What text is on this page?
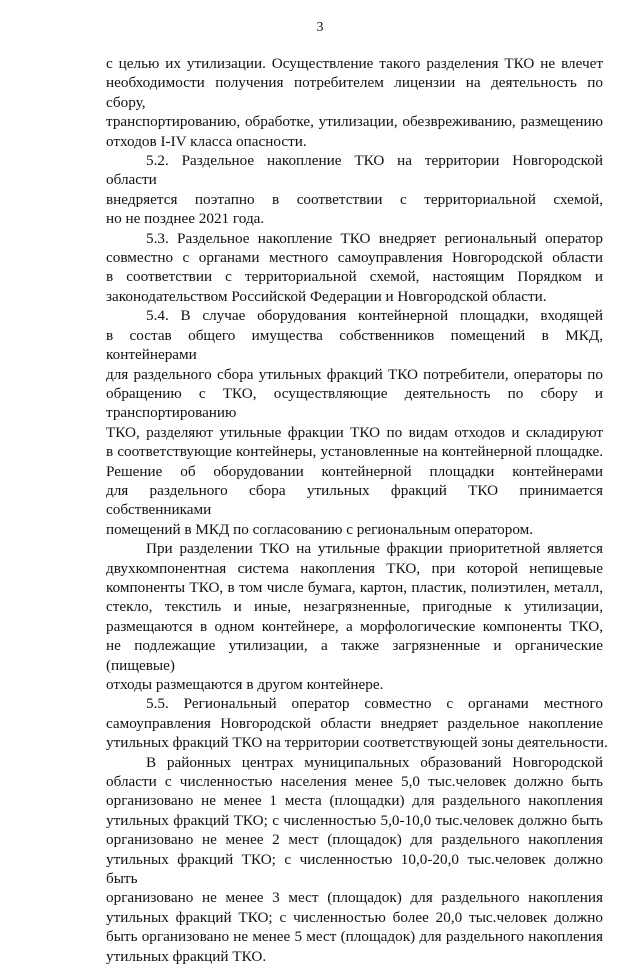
3
с целью их утилизации. Осуществление такого разделения ТКО не влечет
необходимости получения потребителем лицензии на деятельность по сбору,
транспортированию, обработке, утилизации, обезвреживанию, размещению
отходов I-IV класса опасности.
5.2. Раздельное накопление ТКО на территории Новгородской области
внедряется поэтапно в соответствии с территориальной схемой,
но не позднее 2021 года.
5.3. Раздельное накопление ТКО внедряет региональный оператор
совместно с органами местного самоуправления Новгородской области
в соответствии с территориальной схемой, настоящим Порядком и
законодательством Российской Федерации и Новгородской области.
5.4. В случае оборудования контейнерной площадки, входящей
в состав общего имущества собственников помещений в МКД, контейнерами
для раздельного сбора утильных фракций ТКО потребители, операторы по
обращению с ТКО, осуществляющие деятельность по сбору и транспортированию
ТКО, разделяют утильные фракции ТКО по видам отходов и складируют
в соответствующие контейнеры, установленные на контейнерной площадке.
Решение об оборудовании контейнерной площадки контейнерами
для раздельного сбора утильных фракций ТКО принимается собственниками
помещений в МКД по согласованию с региональным оператором.
При разделении ТКО на утильные фракции приоритетной является
двухкомпонентная система накопления ТКО, при которой непищевые
компоненты ТКО, в том числе бумага, картон, пластик, полиэтилен, металл,
стекло, текстиль и иные, незагрязненные, пригодные к утилизации,
размещаются в одном контейнере, а морфологические компоненты ТКО,
не подлежащие утилизации, а также загрязненные и органические (пищевые)
отходы размещаются в другом контейнере.
5.5. Региональный оператор совместно с органами местного
самоуправления Новгородской области внедряет раздельное накопление
утильных фракций ТКО на территории соответствующей зоны деятельности.
В районных центрах муниципальных образований Новгородской
области с численностью населения менее 5,0 тыс.человек должно быть
организовано не менее 1 места (площадки) для раздельного накопления
утильных фракций ТКО; с численностью 5,0-10,0 тыс.человек должно быть
организовано не менее 2 мест (площадок) для раздельного накопления
утильных фракций ТКО; с численностью 10,0-20,0 тыс.человек должно быть
организовано не менее 3 мест (площадок) для раздельного накопления
утильных фракций ТКО; с численностью более 20,0 тыс.человек должно
быть организовано не менее 5 мест (площадок) для раздельного накопления
утильных фракций ТКО.
